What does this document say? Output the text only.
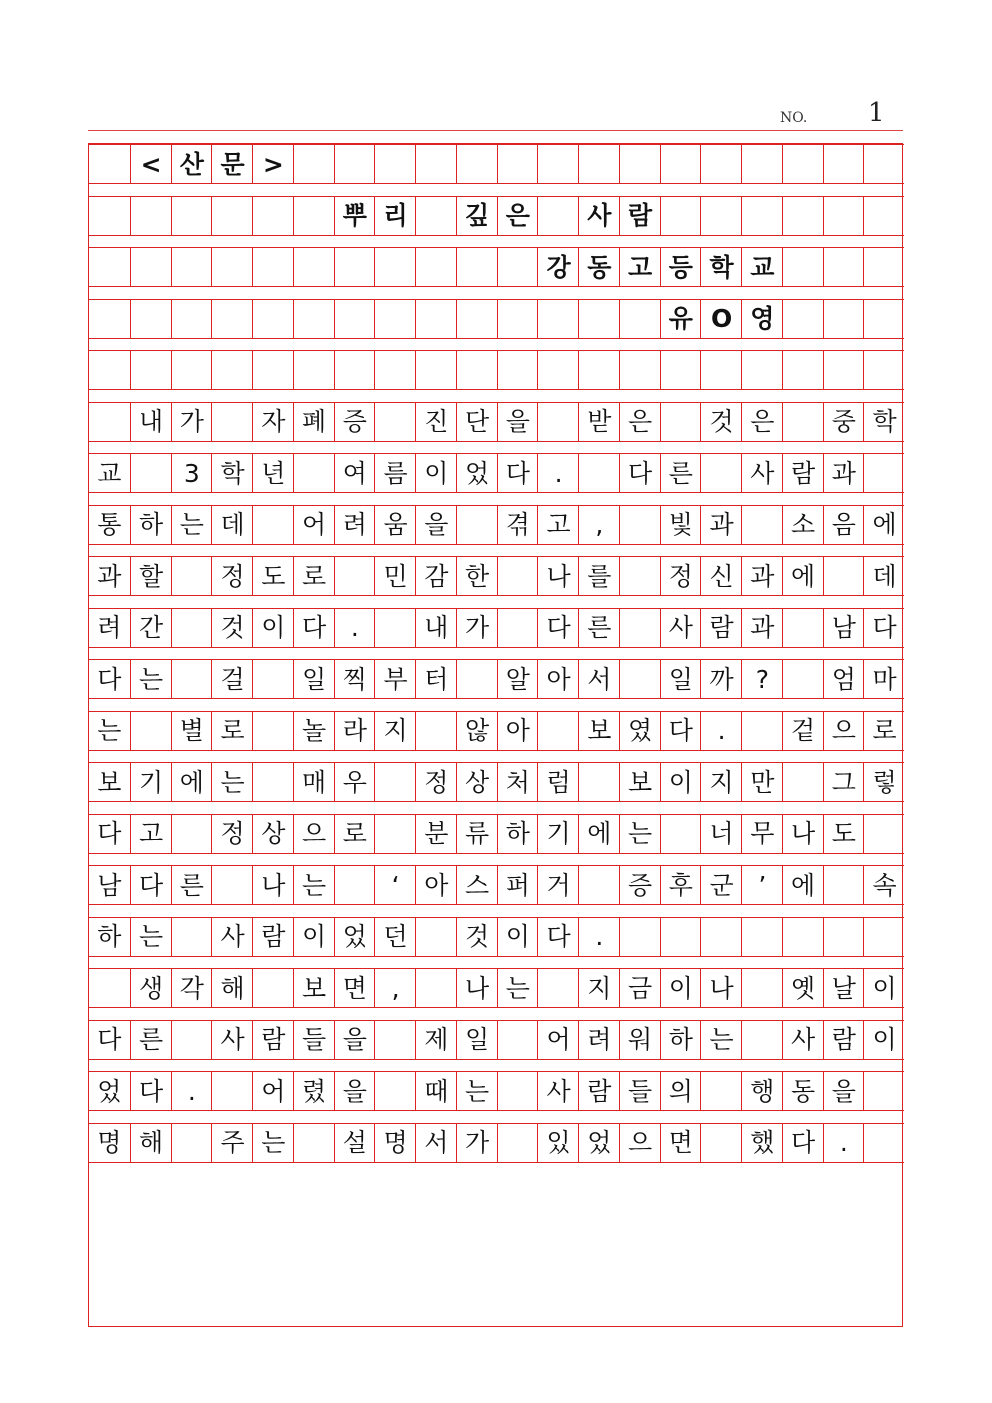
NO. 1
< 산 문 >
뿌 리	깊 은	사 람
강 동 고 등 학 교
유 O 영
내 가	자 폐 증	진 단 을	받 은	것 은	중 학
교	3 학 년	여 름 이 었 다 .	다 른	사 람 과
통 하 는 데	어 려 움 을	겪 고 ,	빛 과	소 음 에
과 할	정 도 로	민 감 한	나 를	정 신 과 에	데
려 간	것 이 다 .	내 가	다 른	사 람 과	남 다
다 는	걸	일 찍 부 터	알 아 서	일 까 ?	엄 마
는	별 로	놀 라 지	않 아	보 였 다 .	겉 으 로
보 기 에 는	매 우	정 상 처 럼	보 이 지 만	그 렇
다 고	정 상 으 로	분 류 하 기 에 는	너 무 나 도
남 다 른	나 는	‘ 아 스 퍼 거	증 후 군 ’ 에	속
하 는	사 람 이 었 던	것 이 다 .
생 각 해	보 면 ,	나 는	지 금 이 나	옛 날 이
다 른	사 람 들 을	제 일	어 려 워 하 는	사 람 이
었 다 .	어 렸 을	때 는	사 람 들 의	행 동 을
명 해	주 는	설 명 서 가	있 었 으 면	했 다 .
